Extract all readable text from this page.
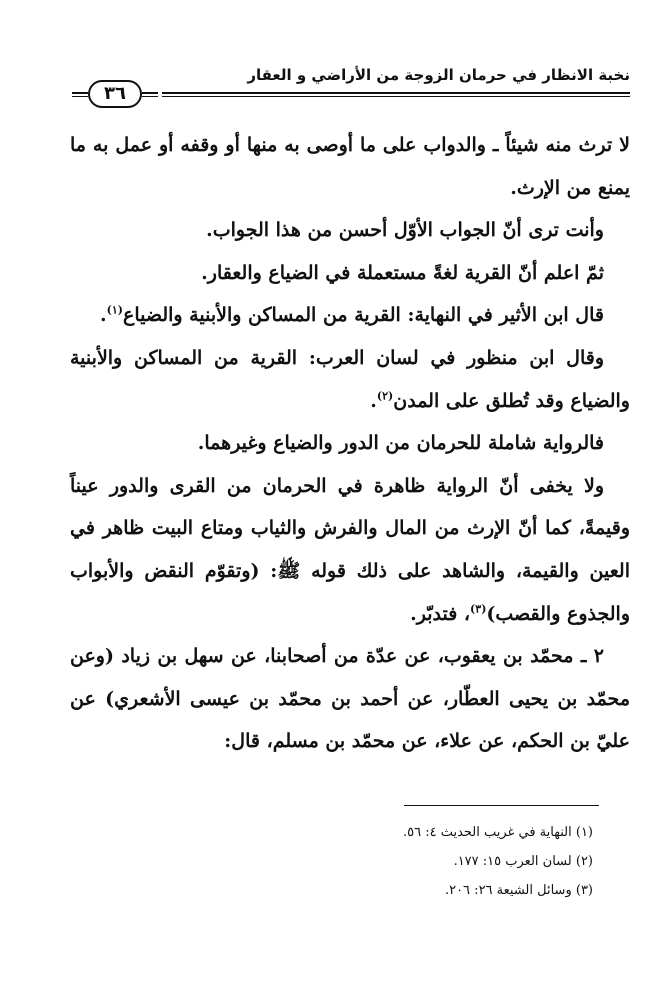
نخبة الانظار في حرمان الزوجة من الأراضي و العقار
٣٦

لا ترث منه شيئاً ـ والدواب على ما أوصى به منها أو وقفه أو عمل به ما يمنع من الإرث.

وأنت ترى أنّ الجواب الأوّل أحسن من هذا الجواب.

ثمّ اعلم أنّ القرية لغةً مستعملة في الضياع والعقار.

قال ابن الأثير في النهاية: القرية من المساكن والأبنية والضياع$^{(١)}$.

وقال ابن منظور في لسان العرب: القرية من المساكن والأبنية والضياع وقد تُطلق على المدن$^{(٢)}$.

فالرواية شاملة للحرمان من الدور والضياع وغيرهما.

ولا يخفى أنّ الرواية ظاهرة في الحرمان من القرى والدور عيناً وقيمةً، كما أنّ الإرث من المال والفرش والثياب ومتاع البيت ظاهر في العين والقيمة، والشاهد على ذلك قوله ﷺ: (وتقوّم النقض والأبواب والجذوع والقصب)$^{(٣)}$، فتدبّر.

٢ ـ محمّد بن يعقوب، عن عدّة من أصحابنا، عن سهل بن زياد (وعن محمّد بن يحيى العطّار، عن أحمد بن محمّد بن عيسى الأشعري) عن عليّ بن الحكم، عن علاء، عن محمّد بن مسلم، قال:

(١) النهاية في غريب الحديث ٤: ٥٦.
(٢) لسان العرب ١٥: ١٧٧.
(٣) وسائل الشيعة ٢٦: ٢٠٦.
